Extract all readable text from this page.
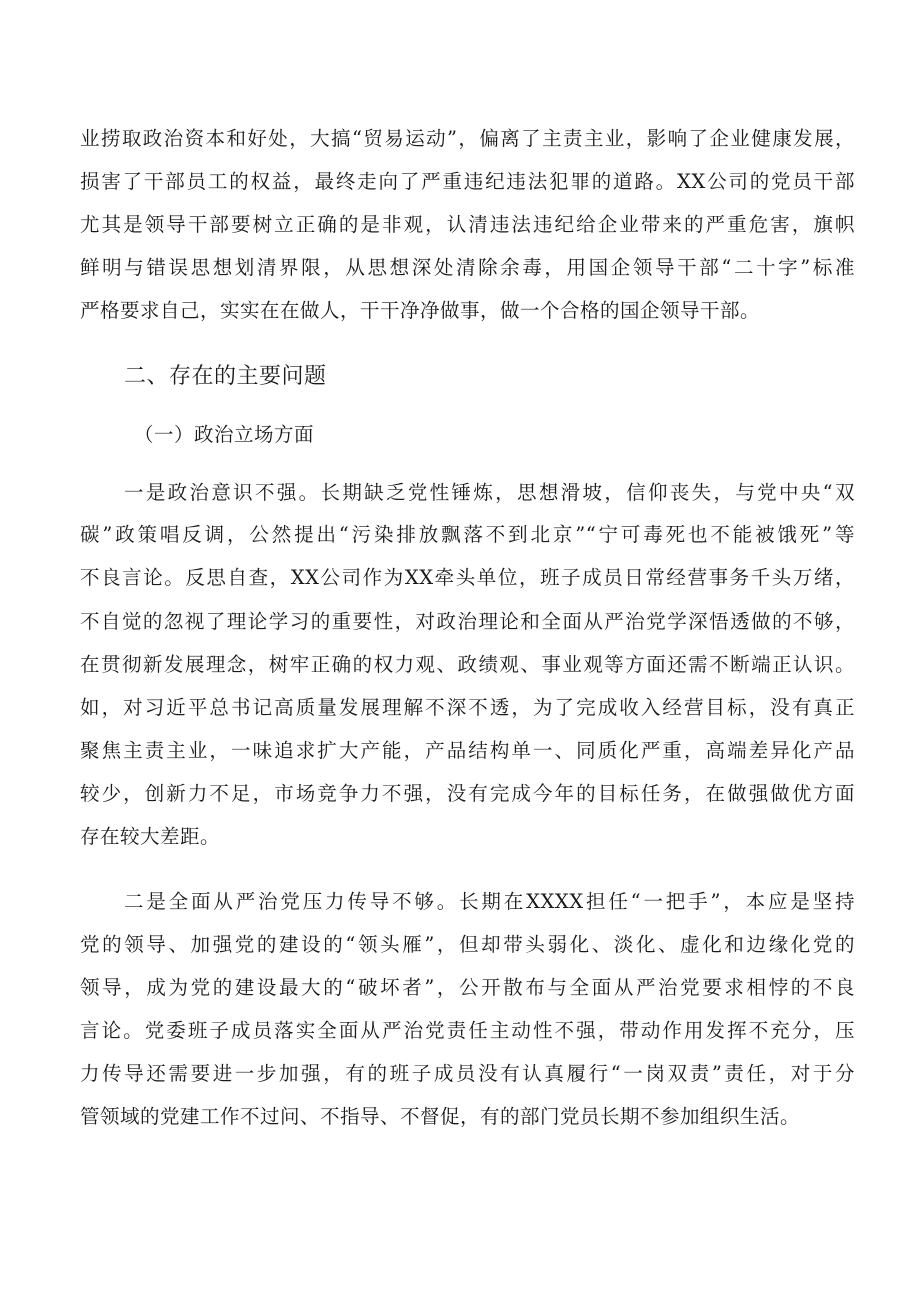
业捞取政治资本和好处，大搞“贸易运动”，偏离了主责主业，影响了企业健康发展，
损害了干部员工的权益，最终走向了严重违纪违法犯罪的道路。XX公司的党员干部
尤其是领导干部要树立正确的是非观，认清违法违纪给企业带来的严重危害，旗帜
鲜明与错误思想划清界限，从思想深处清除余毒，用国企领导干部“二十字”标准
严格要求自己，实实在在做人，干干净净做事，做一个合格的国企领导干部。
二、存在的主要问题
（一）政治立场方面
一是政治意识不强。长期缺乏党性锤炼，思想滑坡，信仰丧失，与党中央“双
碳”政策唱反调，公然提出“污染排放飘落不到北京”“宁可毒死也不能被饿死”等
不良言论。反思自查，XX公司作为XX牵头单位，班子成员日常经营事务千头万绪，
不自觉的忽视了理论学习的重要性，对政治理论和全面从严治党学深悟透做的不够，
在贯彻新发展理念，树牢正确的权力观、政绩观、事业观等方面还需不断端正认识。
如，对习近平总书记高质量发展理解不深不透，为了完成收入经营目标，没有真正
聚焦主责主业，一味追求扩大产能，产品结构单一、同质化严重，高端差异化产品
较少，创新力不足，市场竞争力不强，没有完成今年的目标任务，在做强做优方面
存在较大差距。
二是全面从严治党压力传导不够。长期在XXXX担任“一把手”，本应是坚持
党的领导、加强党的建设的“领头雁”，但却带头弱化、淡化、虚化和边缘化党的
领导，成为党的建设最大的“破坏者”，公开散布与全面从严治党要求相悖的不良
言论。党委班子成员落实全面从严治党责任主动性不强，带动作用发挥不充分，压
力传导还需要进一步加强，有的班子成员没有认真履行“一岗双责”责任，对于分
管领域的党建工作不过问、不指导、不督促，有的部门党员长期不参加组织生活。
